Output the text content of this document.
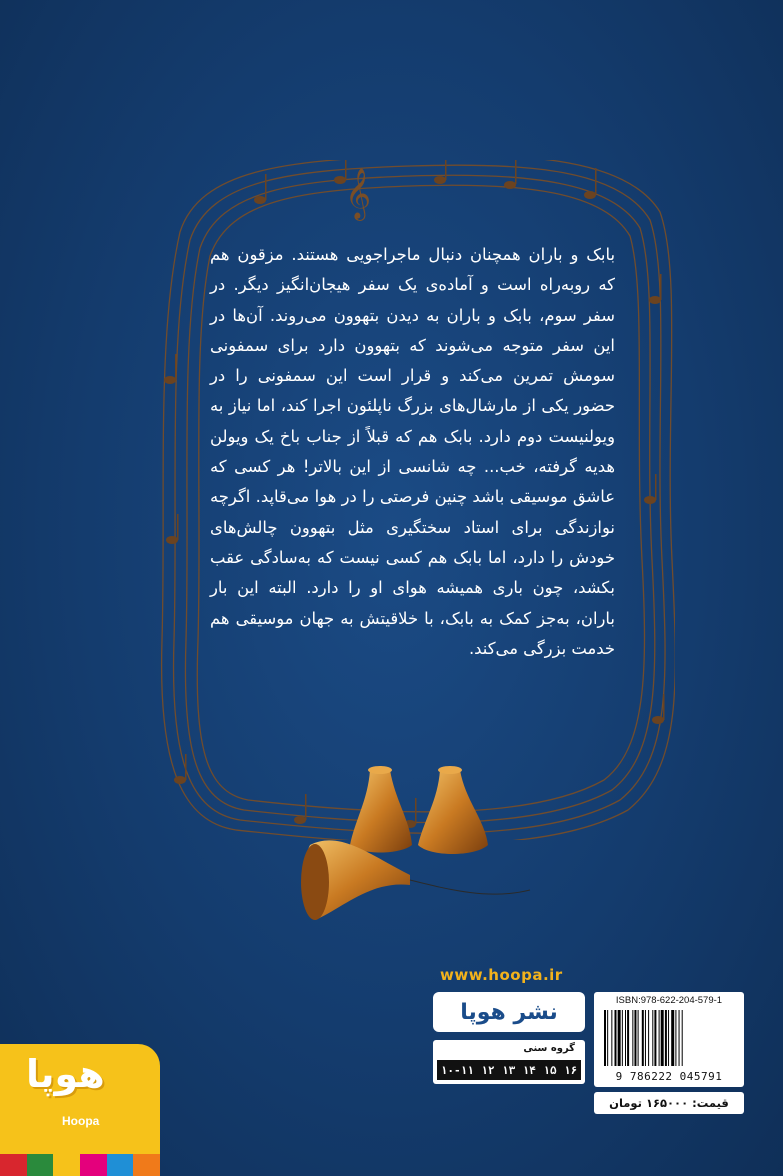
𝄞
بابک و باران همچنان دنبال ماجراجویی هستند. مزقون هم که روبه‌راه است و آماده‌ی یک سفر هیجان‌انگیز دیگر. در سفر سوم، بابک و باران به دیدن بتهوون می‌روند. آن‌ها در این سفر متوجه می‌شوند که بتهوون دارد برای سمفونی سومش تمرین می‌کند و قرار است این سمفونی را در حضور یکی از مارشال‌های بزرگ ناپلئون اجرا کند، اما نیاز به ویولنیست دوم دارد. بابک هم که قبلاً از جناب باخ یک ویولن هدیه گرفته، خب... چه شانسی از این بالاتر! هر کسی که عاشق موسیقی باشد چنین فرصتی را در هوا می‌قاپد. اگرچه نوازندگی برای استاد سختگیری مثل بتهوون چالش‌های خودش را دارد، اما بابک هم کسی نیست که به‌سادگی عقب بکشد، چون باری همیشه هوای او را دارد. البته این بار باران، به‌جز کمک به بابک، با خلاقیتش به جهان موسیقی هم خدمت بزرگی می‌کند.
www.hoopa.ir
نشر هوپا
گروه سنی
۱۶
۱۵
۱۴
۱۳
۱۲
۱۰-۱۱
ISBN:978-622-204-579-1
9 786222 045791
قیمت: ۱۶۵۰۰۰ تومان
هوپا
Hoopa
